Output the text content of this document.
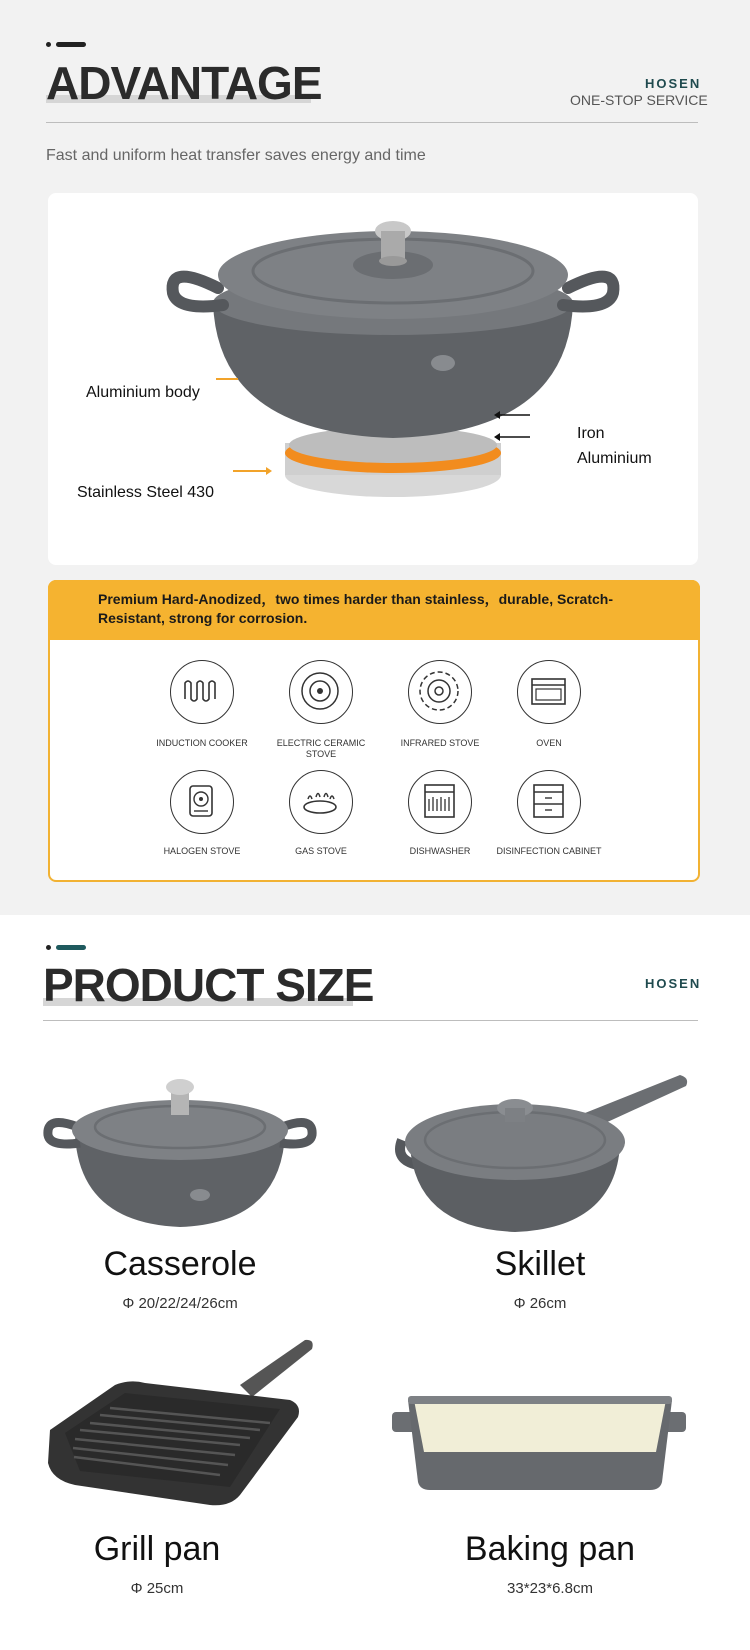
ADVANTAGE	HOSEN
ONE-STOP SERVICE
Fast and uniform heat transfer saves energy and time
Aluminium body
Stainless Steel 430
Iron
Aluminium
Premium Hard-Anodized，two times harder than stainless，durable, Scratch-Resistant, strong for corrosion.
INDUCTION COOKER	ELECTRIC CERAMIC STOVE
INFRARED STOVE	OVEN
HALOGEN STOVE	GAS STOVE	DISHWASHER	DISINFECTION CABINET
PRODUCT SIZE	HOSEN
Casserole
Φ 20/22/24/26cm
Skillet
Φ 26cm
Grill pan
Φ 25cm
Baking pan
33*23*6.8cm
